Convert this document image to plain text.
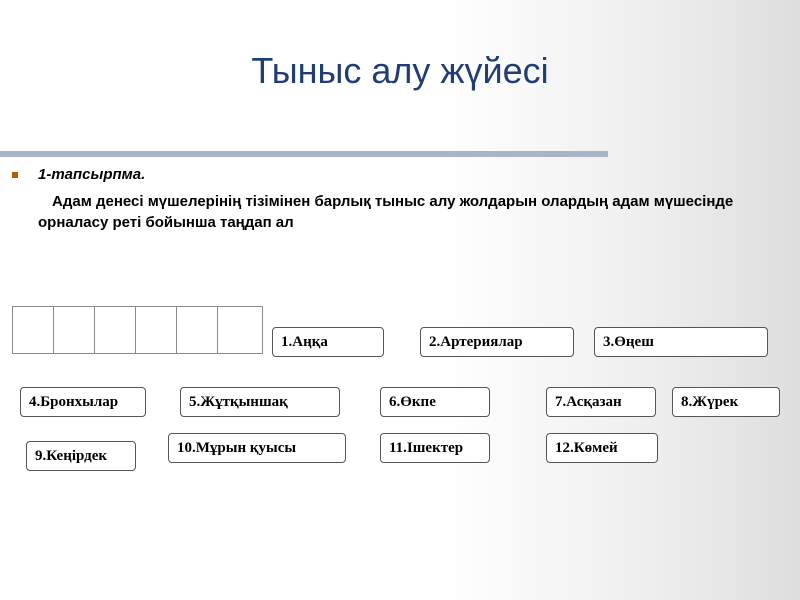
Тыныс алу жүйесі
1-тапсырпма.
Адам денесі мүшелерінің тізімінен барлық тыныс алу жолдарын олардың адам мүшесінде орналасу реті бойынша таңдап ал
1.Аңқа	2.Артериялар	3.Өңеш
4.Бронхылар	5.Жұтқыншақ	6.Өкпе	7.Асқазан	8.Жүрек
9.Кеңірдек	10.Мұрын қуысы	11.Ішектер	12.Көмей
